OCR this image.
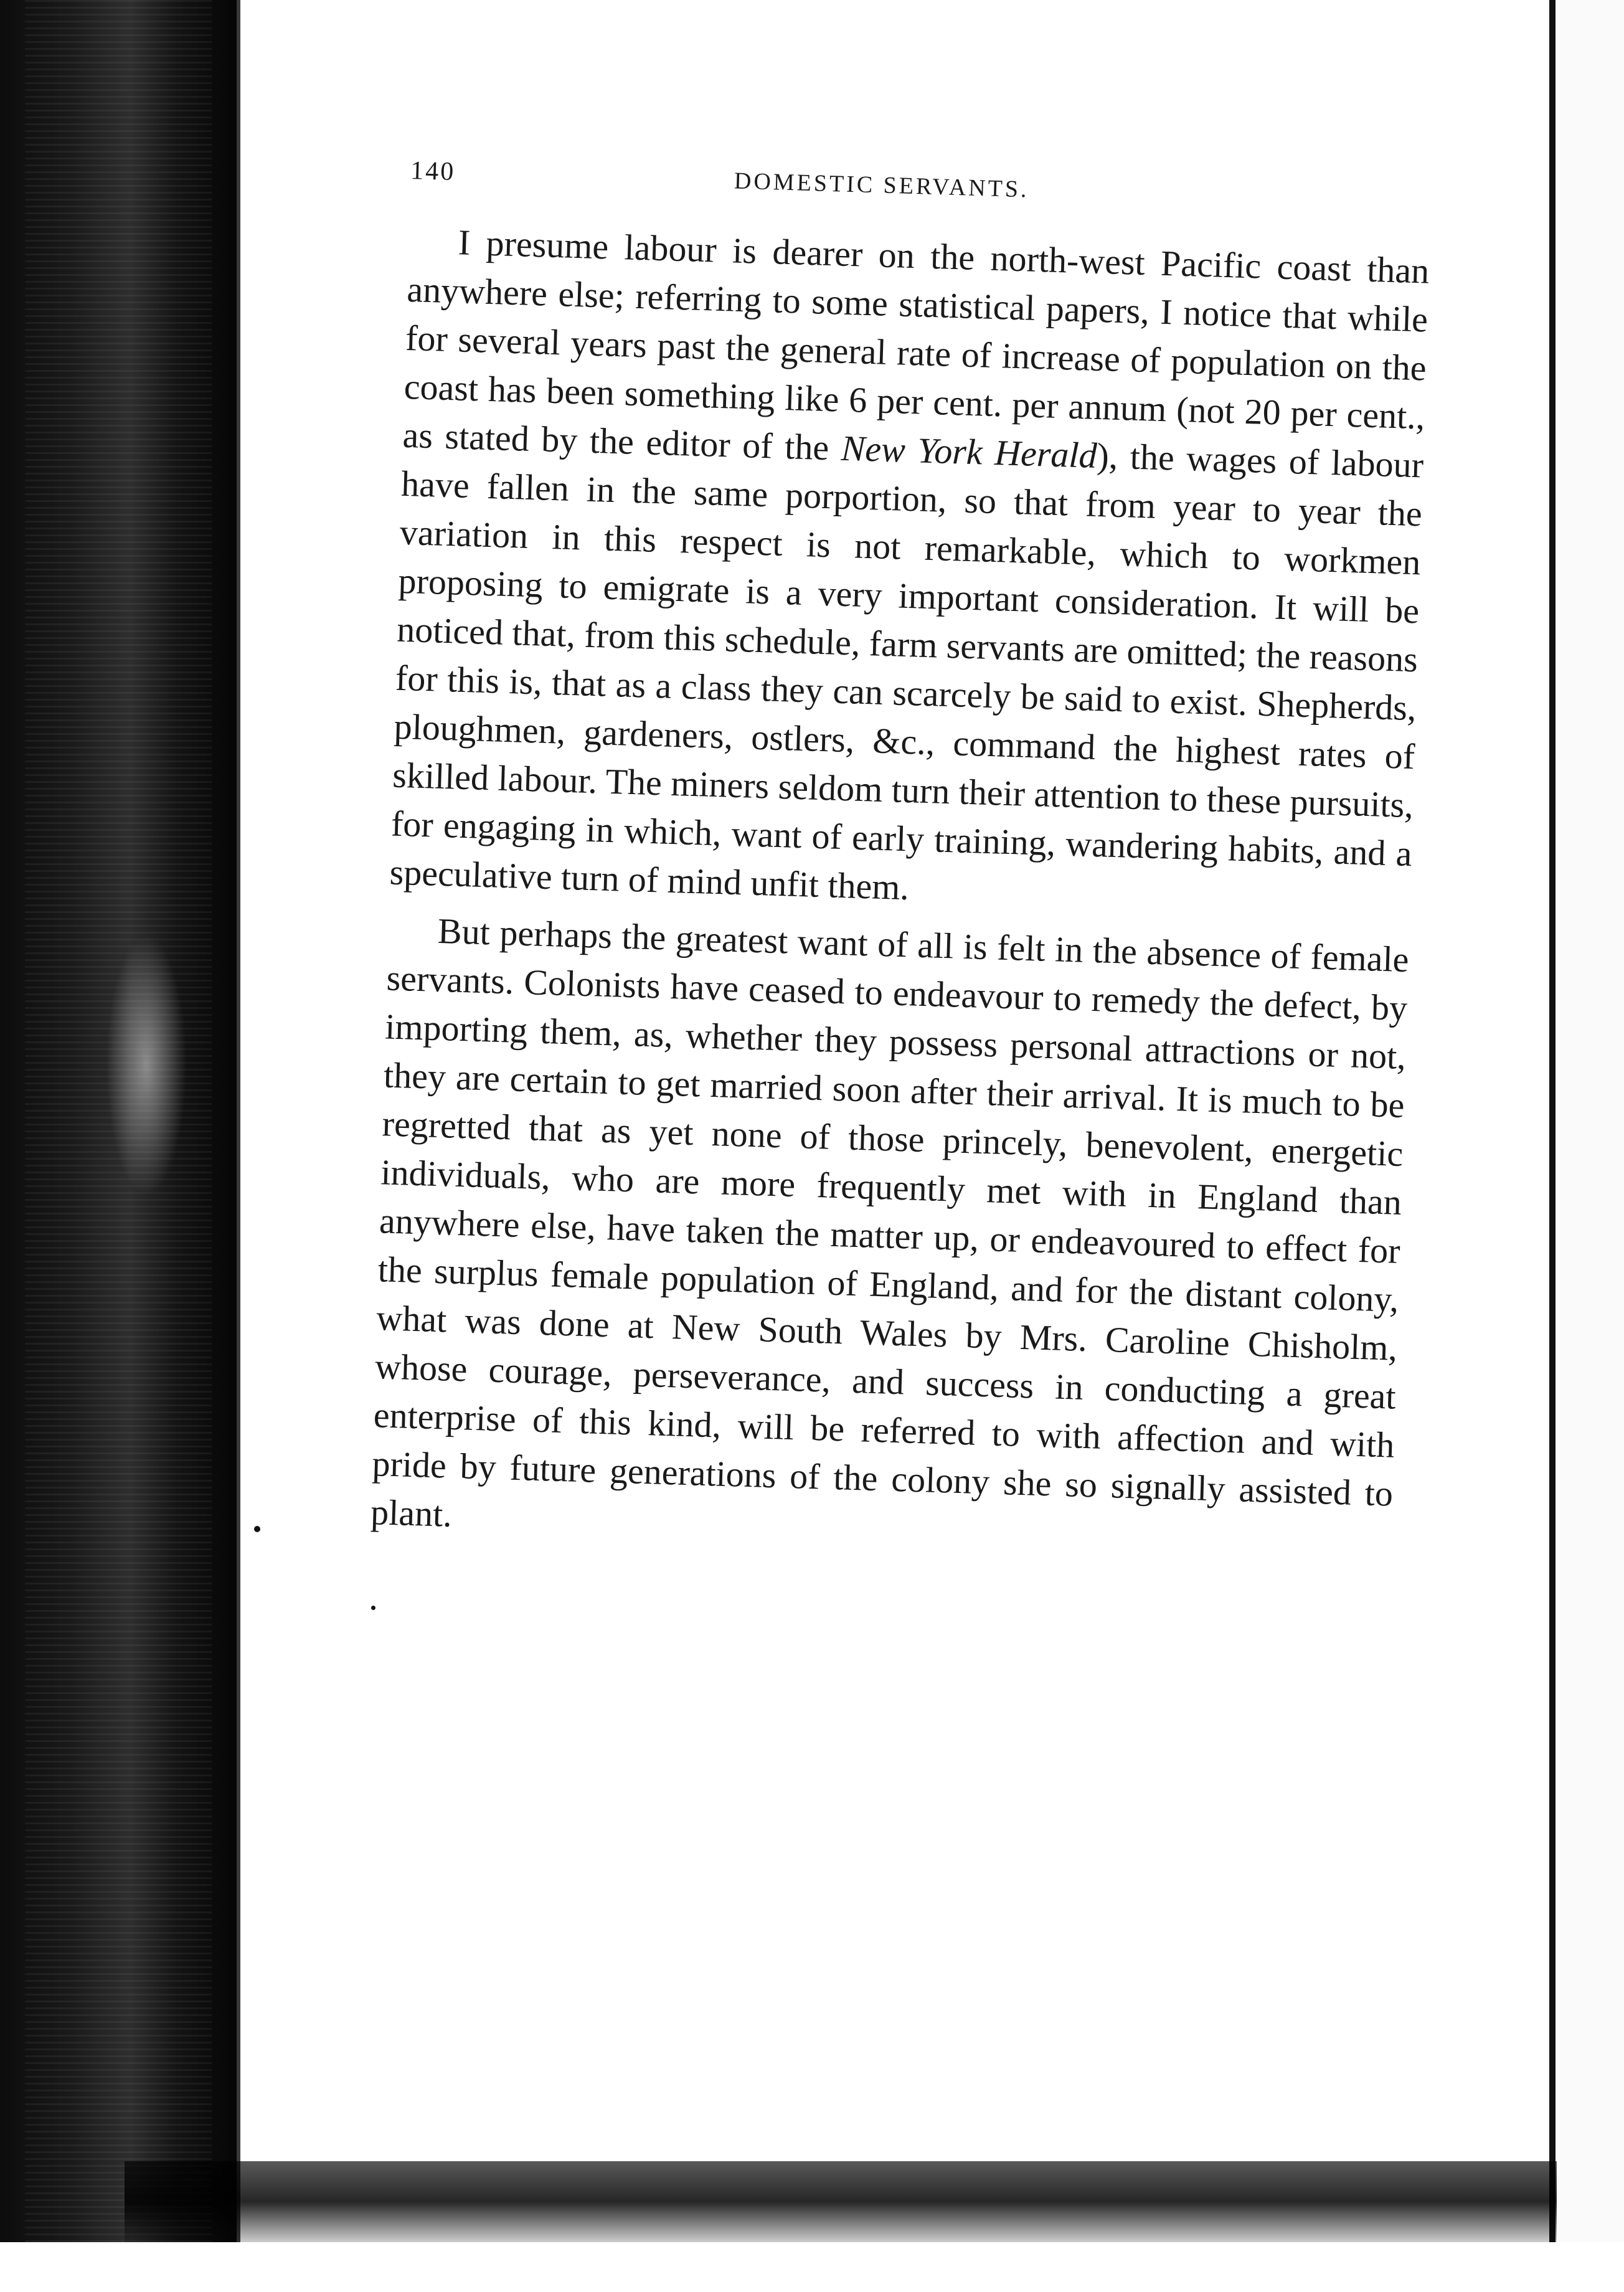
140	DOMESTIC SERVANTS.

I presume labour is dearer on the north-west Pacific coast than anywhere else; referring to some statistical papers, I notice that while for several years past the general rate of increase of population on the coast has been something like 6 per cent. per annum (not 20 per cent., as stated by the editor of the New York Herald), the wages of labour have fallen in the same porportion, so that from year to year the variation in this respect is not remarkable, which to workmen proposing to emigrate is a very important consideration. It will be noticed that, from this schedule, farm servants are omitted; the reasons for this is, that as a class they can scarcely be said to exist. Shepherds, ploughmen, gardeners, ostlers, &c., command the highest rates of skilled labour. The miners seldom turn their attention to these pursuits, for engaging in which, want of early training, wandering habits, and a speculative turn of mind unfit them.

But perhaps the greatest want of all is felt in the absence of female servants. Colonists have ceased to endeavour to remedy the defect, by importing them, as, whether they possess personal attractions or not, they are certain to get married soon after their arrival. It is much to be regretted that as yet none of those princely, benevolent, energetic individuals, who are more frequently met with in England than anywhere else, have taken the matter up, or endeavoured to effect for the surplus female population of England, and for the distant colony, what was done at New South Wales by Mrs. Caroline Chisholm, whose courage, perseverance, and success in conducting a great enterprise of this kind, will be referred to with affection and with pride by future generations of the colony she so signally assisted to plant.
